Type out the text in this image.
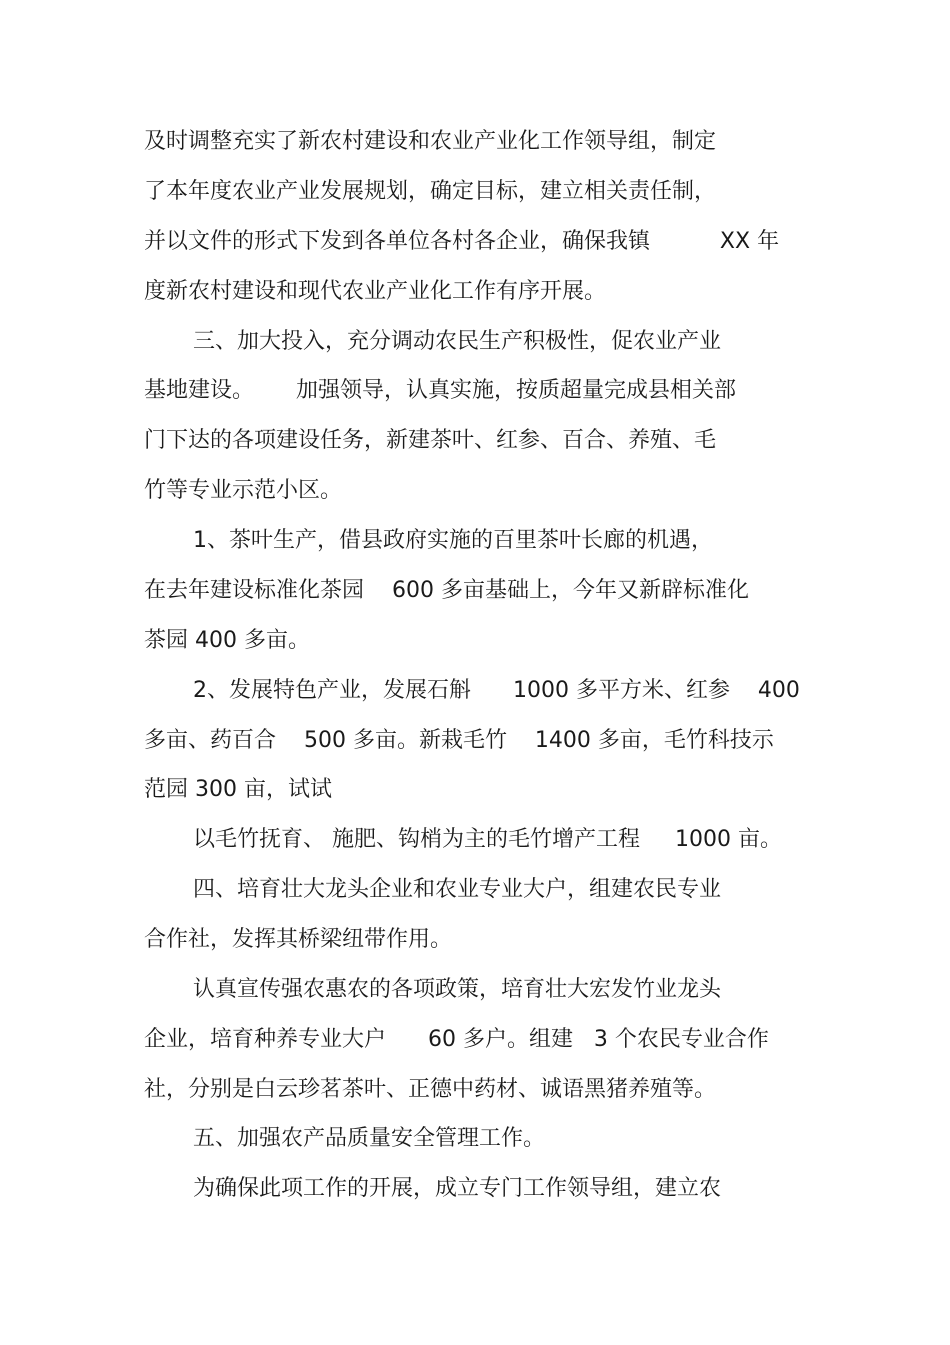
及时调整充实了新农村建设和农业产业化工作领导组，制定
了本年度农业产业发展规划，确定目标，建立相关责任制，
并以文件的形式下发到各单位各村各企业，确保我镇          XX 年
度新农村建设和现代农业产业化工作有序开展。
三、加大投入，充分调动农民生产积极性，促农业产业
基地建设。      加强领导，认真实施，按质超量完成县相关部
门下达的各项建设任务，新建茶叶、红参、百合、养殖、毛
竹等专业示范小区。
1、茶叶生产，借县政府实施的百里茶叶长廊的机遇，
在去年建设标准化茶园    600 多亩基础上，今年又新辟标准化
茶园 400 多亩。
2、发展特色产业，发展石斛      1000 多平方米、红参    400
多亩、药百合    500 多亩。新栽毛竹    1400 多亩，毛竹科技示
范园 300 亩，试试
以毛竹抚育、 施肥、钩梢为主的毛竹增产工程     1000 亩。
四、培育壮大龙头企业和农业专业大户，组建农民专业
合作社，发挥其桥梁纽带作用。
认真宣传强农惠农的各项政策，培育壮大宏发竹业龙头
企业，培育种养专业大户      60 多户。组建   3 个农民专业合作
社，分别是白云珍茗茶叶、正德中药材、诚语黑猪养殖等。
五、加强农产品质量安全管理工作。
为确保此项工作的开展，成立专门工作领导组，建立农
